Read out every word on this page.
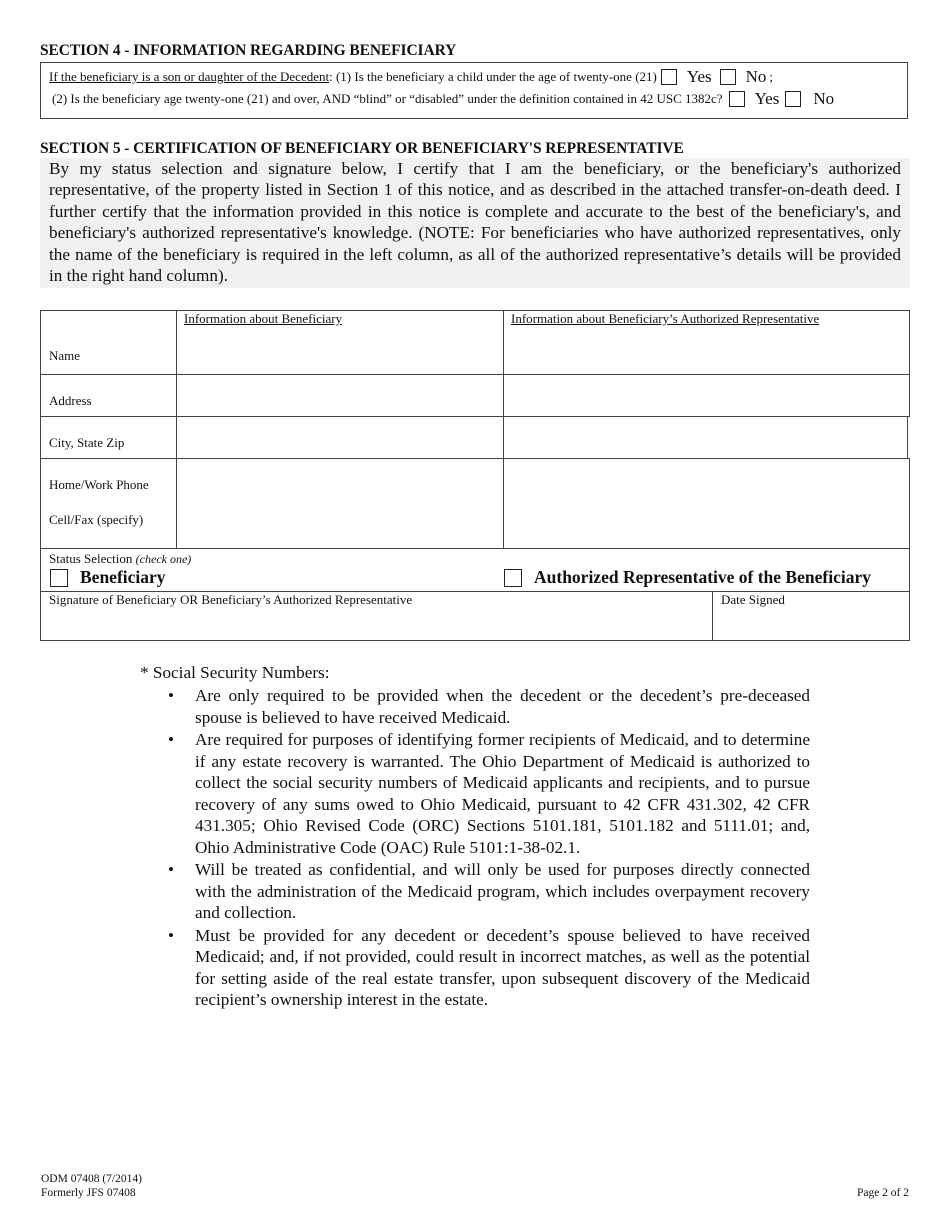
SECTION 4 - INFORMATION REGARDING BENEFICIARY
If the beneficiary is a son or daughter of the Decedent : (1) Is the beneficiary a child under the age of twenty-one (21) Yes No ;
(2) Is the beneficiary age twenty-one (21) and over, AND “blind” or “disabled” under the definition contained in 42 USC 1382c? Yes No
SECTION 5 - CERTIFICATION OF BENEFICIARY OR BENEFICIARY'S REPRESENTATIVE
By my status selection and signature below, I certify that I am the beneficiary, or the beneficiary's authorized representative, of the property listed in Section 1 of this notice, and as described in the attached transfer-on-death deed. I further certify that the information provided in this notice is complete and accurate to the best of the beneficiary's, and beneficiary's authorized representative's knowledge. (NOTE: For beneficiaries who have authorized representatives, only the name of the beneficiary is required in the left column, as all of the authorized representative’s details will be provided in the right hand column).
Information about Beneficiary	Information about Beneficiary’s Authorized Representative
Name
Address
City, State Zip
Home/Work Phone
Cell/Fax (specify)
Status Selection (check one)
Beneficiary	Authorized Representative of the Beneficiary
Signature of Beneficiary OR Beneficiary’s Authorized Representative	Date Signed
* Social Security Numbers:
• Are only required to be provided when the decedent or the decedent’s pre-deceased spouse is believed to have received Medicaid.
• Are required for purposes of identifying former recipients of Medicaid, and to determine if any estate recovery is warranted. The Ohio Department of Medicaid is authorized to collect the social security numbers of Medicaid applicants and recipients, and to pursue recovery of any sums owed to Ohio Medicaid, pursuant to 42 CFR 431.302, 42 CFR 431.305; Ohio Revised Code (ORC) Sections 5101.181, 5101.182 and 5111.01; and, Ohio Administrative Code (OAC) Rule 5101:1-38-02.1.
• Will be treated as confidential, and will only be used for purposes directly connected with the administration of the Medicaid program, which includes overpayment recovery and collection.
• Must be provided for any decedent or decedent’s spouse believed to have received Medicaid; and, if not provided, could result in incorrect matches, as well as the potential for setting aside of the real estate transfer, upon subsequent discovery of the Medicaid recipient’s ownership interest in the estate.
ODM 07408 (7/2014)
Formerly JFS 07408	Page 2 of 2
